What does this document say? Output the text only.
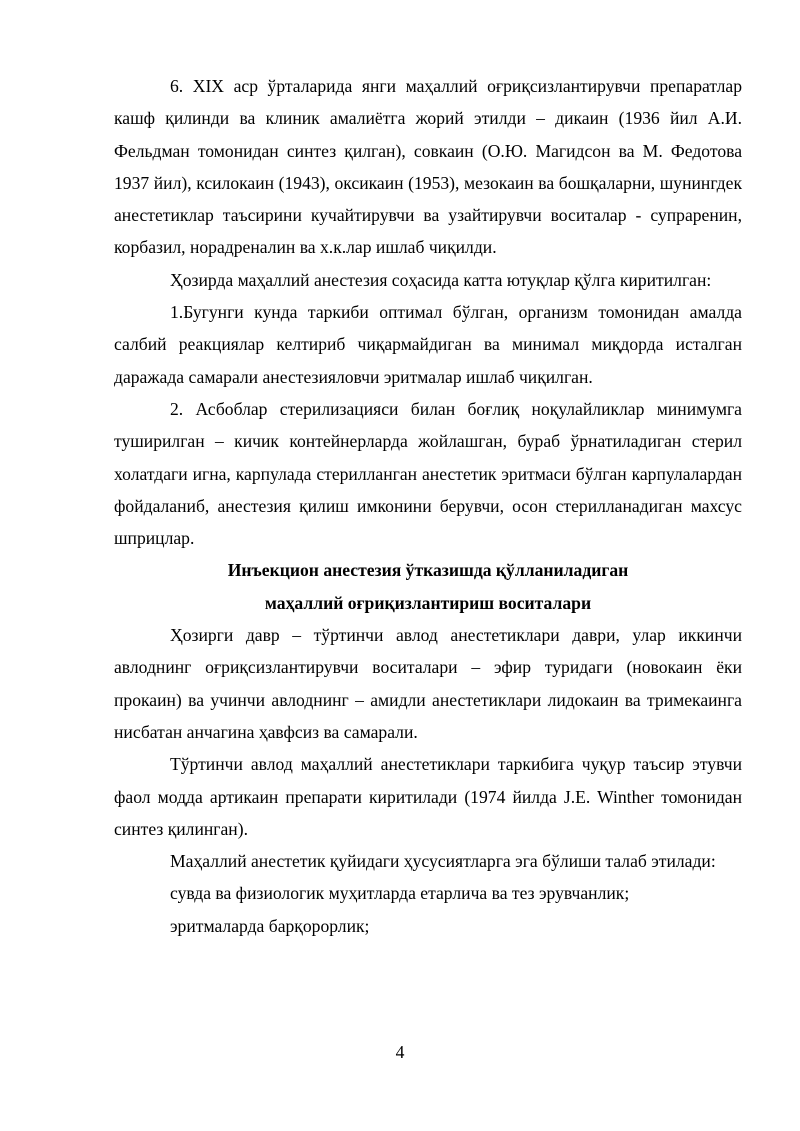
6. XIX аср ўрталарида янги маҳаллий оғриқсизлантирувчи препаратлар кашф қилинди ва клиник амалиётга жорий этилди – дикаин (1936 йил А.И. Фельдман томонидан синтез қилган), совкаин (О.Ю. Магидсон ва М. Федотова 1937 йил), ксилокаин (1943), оксикаин (1953), мезокаин ва бошқаларни, шунингдек анестетиклар таъсирини кучайтирувчи ва узайтирувчи воситалар - супраренин, корбазил, норадреналин ва х.к.лар ишлаб чиқилди.

Ҳозирда маҳаллий анестезия соҳасида катта ютуқлар қўлга киритилган:

1.Бугунги кунда таркиби оптимал бўлган, организм томонидан амалда салбий реакциялар келтириб чиқармайдиган ва минимал миқдорда исталган даражада самарали анестезияловчи эритмалар ишлаб чиқилган.

2. Асбоблар стерилизацияси билан боғлиқ ноқулайликлар минимумга туширилган – кичик контейнерларда жойлашган, бураб ўрнатиладиган стерил холатдаги игна, карпулада стерилланган анестетик эритмаси бўлган карпулалардан фойдаланиб, анестезия қилиш имконини берувчи, осон стерилланадиган махсус шприцлар.

Инъекцион анестезия ўтказишда қўлланиладиган

маҳаллий оғриқизлантириш воситалари

Ҳозирги давр – тўртинчи авлод анестетиклари даври, улар иккинчи авлоднинг оғриқсизлантирувчи воситалари – эфир туридаги (новокаин ёки прокаин) ва учинчи авлоднинг – амидли анестетиклари лидокаин ва тримекаинга нисбатан анчагина ҳавфсиз ва самарали.

Тўртинчи авлод маҳаллий анестетиклари таркибига чуқур таъсир этувчи фаол модда артикаин препарати киритилади (1974 йилда J.E. Winther томонидан синтез қилинган).

Маҳаллий анестетик қуйидаги ҳусусиятларга эга бўлиши талаб этилади:

сувда ва физиологик муҳитларда етарлича ва тез эрувчанлик;

эритмаларда барқорорлик;

4
